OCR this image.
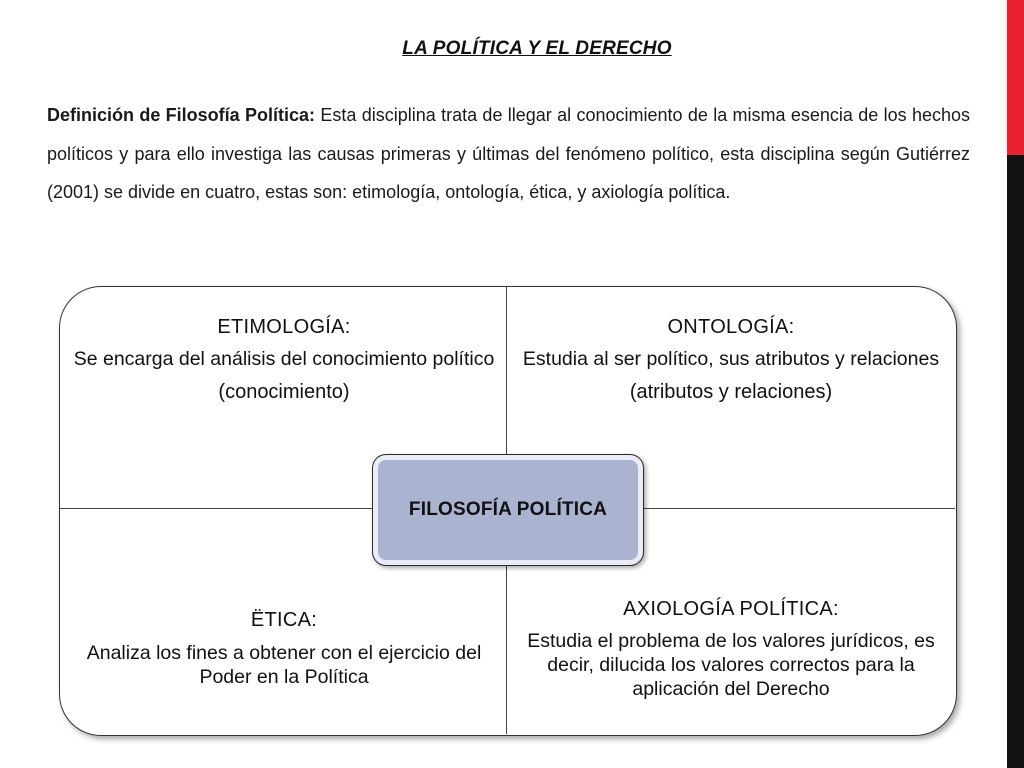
LA POLÍTICA Y EL DERECHO
Definición de Filosofía Política: Esta disciplina trata de llegar al conocimiento de la misma esencia de los hechos políticos y para ello investiga las causas primeras y últimas del fenómeno político, esta disciplina según Gutiérrez (2001) se divide en cuatro, estas son: etimología, ontología, ética, y axiología política.
ETIMOLOGÍA:
Se encarga del análisis del conocimiento político
(conocimiento)
ONTOLOGÍA:
Estudia al ser político, sus atributos y relaciones
(atributos y relaciones)
ËTICA:
Analiza los fines a obtener con el ejercicio del Poder en la Política
AXIOLOGÍA POLÍTICA:
Estudia el problema de los valores jurídicos, es decir, dilucida los valores correctos para la aplicación del Derecho
FILOSOFÍA POLÍTICA
